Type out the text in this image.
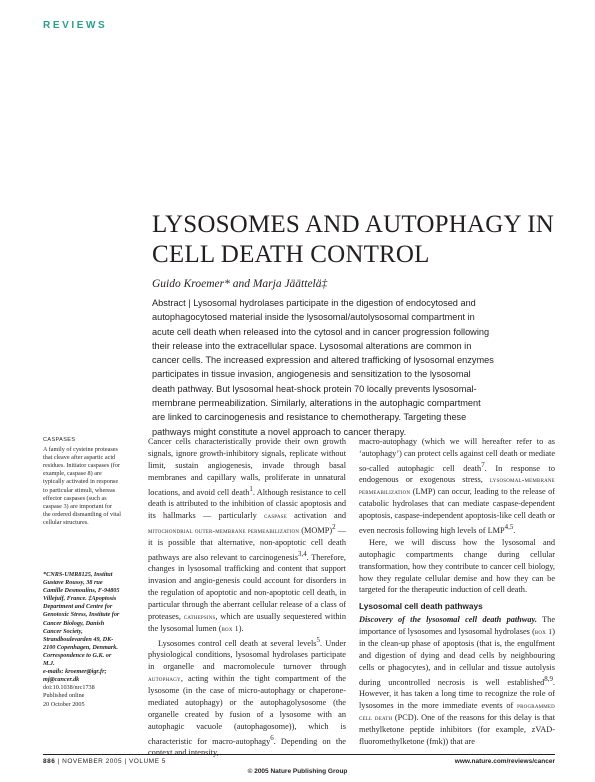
REVIEWS
LYSOSOMES AND AUTOPHAGY IN
CELL DEATH CONTROL
Guido Kroemer* and Marja Jäättelä‡
Abstract | Lysosomal hydrolases participate in the digestion of endocytosed and autophagocytosed material inside the lysosomal/autolysosomal compartment in acute cell death when released into the cytosol and in cancer progression following their release into the extracellular space. Lysosomal alterations are common in cancer cells. The increased expression and altered trafficking of lysosomal enzymes participates in tissue invasion, angiogenesis and sensitization to the lysosomal death pathway. But lysosomal heat-shock protein 70 locally prevents lysosomal-membrane permeabilization. Similarly, alterations in the autophagic compartment are linked to carcinogenesis and resistance to chemotherapy. Targeting these pathways might constitute a novel approach to cancer therapy.
CASPASES
A family of cysteine proteases that cleave after aspartic acid residues. Initiator caspases (for example, caspase 8) are typically activated in response to particular stimuli, whereas effector caspases (such as caspase 3) are important for the ordered dismantling of vital cellular structures.
*CNRS-UMR8125, Institut Gustave Roussy, 38 rue Camille Desmoulins, F-94805 Villejuif, France. ‡Apoptosis Department and Centre for Genotoxic Stress, Institute for Cancer Biology, Danish Cancer Society, Strandboulevarden 49, DK-2100 Copenhagen, Denmark.
Correspondence to G.K. or M.J.
e-mails: kroemer@igr.fr; mj@cancer.dk
doi:10.1038/nrc1738
Published online
20 October 2005

Cancer cells characteristically provide their own growth signals, ignore growth-inhibitory signals, replicate without limit, sustain angiogenesis, invade through basal membranes and capillary walls, proliferate in unnatural locations, and avoid cell death$^1$. Although resistance to cell death is attributed to the inhibition of classic apoptosis and its hallmarks — particularly caspase activation and mitochondrial outer-membrane permeabilization (MOMP)$^2$ — it is possible that alternative, non-apoptotic cell death pathways are also relevant to carcinogenesis$^{3,4}$. Therefore, changes in lysosomal trafficking and content that support invasion and angio-genesis could account for disorders in the regulation of apoptotic and non-apoptotic cell death, in particular through the aberrant cellular release of a class of proteases, cathepsins, which are usually sequestered within the lysosomal lumen (box 1).

Lysosomes control cell death at several levels$^5$. Under physiological conditions, lysosomal hydrolases participate in organelle and macromolecule turnover through autophagy, acting within the tight compartment of the lysosome (in the case of micro-autophagy or chaperone-mediated autophagy) or the autophagolysosome (the organelle created by fusion of a lysosome with an autophagic vacuole (autophagosome)), which is characteristic for macro-autophagy$^6$. Depending on the context and intensity,

macro-autophagy (which we will hereafter refer to as ‘autophagy’) can protect cells against cell death or mediate so-called autophagic cell death$^7$. In response to endogenous or exogenous stress, lysosomal-membrane permeabilization (LMP) can occur, leading to the release of catabolic hydrolases that can mediate caspase-dependent apoptosis, caspase-independent apoptosis-like cell death or even necrosis following high levels of LMP$^{4,5}$.

Here, we will discuss how the lysosomal and autophagic compartments change during cellular transformation, how they contribute to cancer cell biology, how they regulate cellular demise and how they can be targeted for the therapeutic induction of cell death.

Lysosomal cell death pathways

Discovery of the lysosomal cell death pathway. The importance of lysosomes and lysosomal hydrolases (box 1) in the clean-up phase of apoptosis (that is, the engulfment and digestion of dying and dead cells by neighbouring cells or phagocytes), and in cellular and tissue autolysis during uncontrolled necrosis is well established$^{8,9}$. However, it has taken a long time to recognize the role of lysosomes in the more immediate events of programmed cell death (PCD). One of the reasons for this delay is that methylketone peptide inhibitors (for example, zVAD-fluoromethylketone (fmk)) that are

886 | NOVEMBER 2005 | VOLUME 5	www.nature.com/reviews/cancer
© 2005 Nature Publishing Group
